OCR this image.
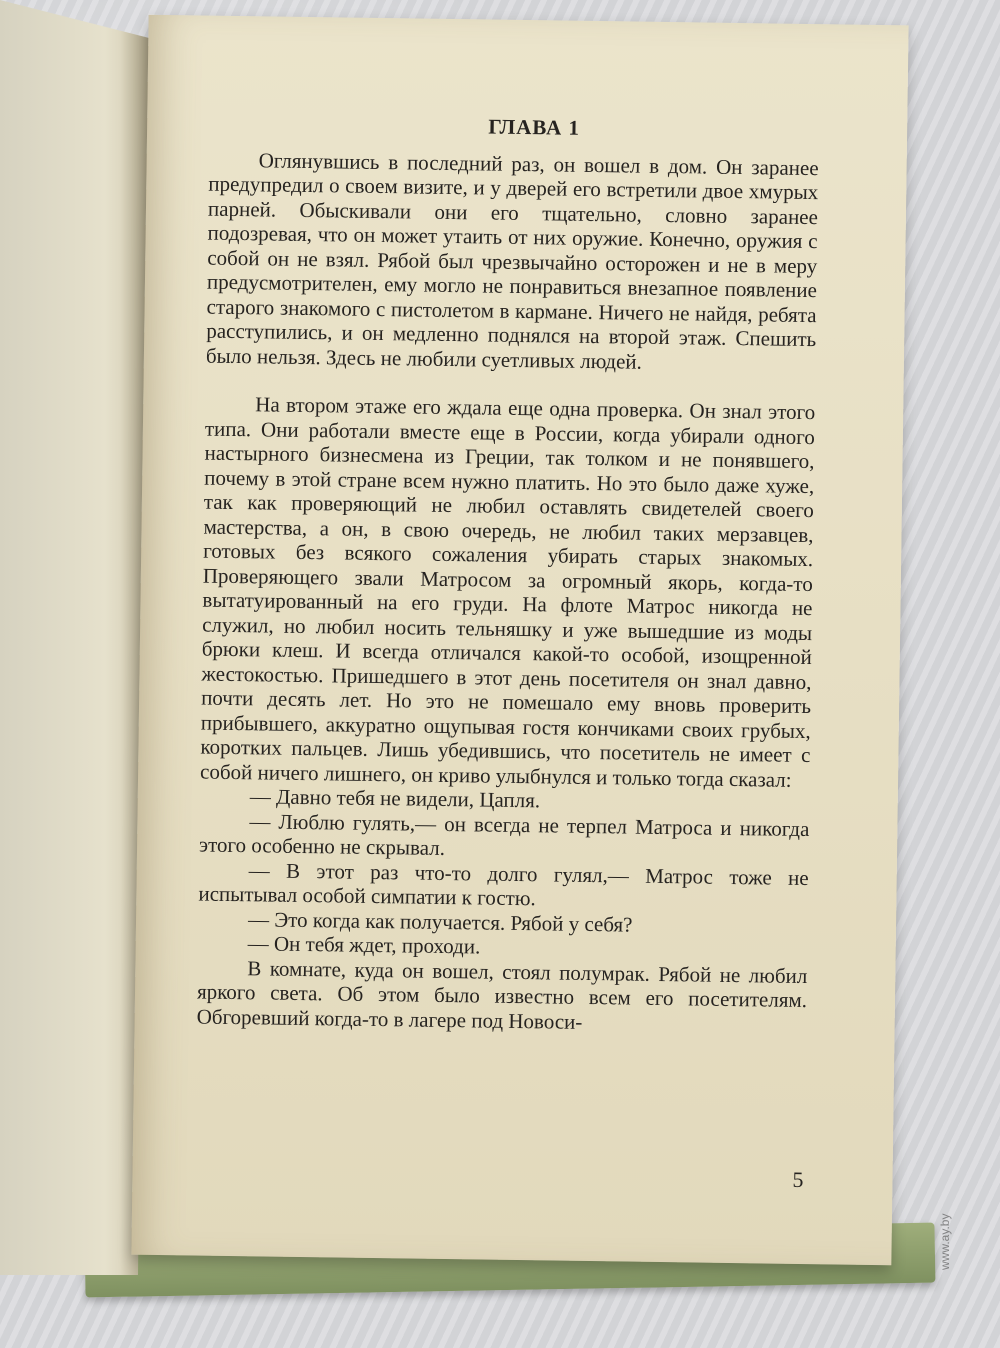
ГЛАВА 1

Оглянувшись в последний раз, он вошел в дом. Он заранее предупредил о своем визите, и у дверей его встретили двое хмурых парней. Обыскивали они его тщательно, словно заранее подозревая, что он может утаить от них оружие. Конечно, оружия с собой он не взял. Рябой был чрезвычайно осторожен и не в меру предусмотрителен, ему могло не понравиться внезапное появление старого знакомого с пистолетом в кармане. Ничего не найдя, ребята расступились, и он медленно поднялся на второй этаж. Спешить было нельзя. Здесь не любили суетливых людей.

На втором этаже его ждала еще одна проверка. Он знал этого типа. Они работали вместе еще в России, когда убирали одного настырного бизнесмена из Греции, так толком и не понявшего, почему в этой стране всем нужно платить. Но это было даже хуже, так как проверяющий не любил оставлять свидетелей своего мастерства, а он, в свою очередь, не любил таких мерзавцев, готовых без всякого сожаления убирать старых знакомых. Проверяющего звали Матросом за огромный якорь, когда-то вытатуированный на его груди. На флоте Матрос никогда не служил, но любил носить тельняшку и уже вышедшие из моды брюки клеш. И всегда отличался какой-то особой, изощренной жестокостью. Пришедшего в этот день посетителя он знал давно, почти десять лет. Но это не помешало ему вновь проверить прибывшего, аккуратно ощупывая гостя кончиками своих грубых, коротких пальцев. Лишь убедившись, что посетитель не имеет с собой ничего лишнего, он криво улыбнулся и только тогда сказал:

— Давно тебя не видели, Цапля.

— Люблю гулять,— он всегда не терпел Матроса и никогда этого особенно не скрывал.

— В этот раз что-то долго гулял,— Матрос тоже не испытывал особой симпатии к гостю.

— Это когда как получается. Рябой у себя?

— Он тебя ждет, проходи.

В комнате, куда он вошел, стоял полумрак. Рябой не любил яркого света. Об этом было известно всем его посетителям. Обгоревший когда-то в лагере под Новоси-

5
www.ay.by
